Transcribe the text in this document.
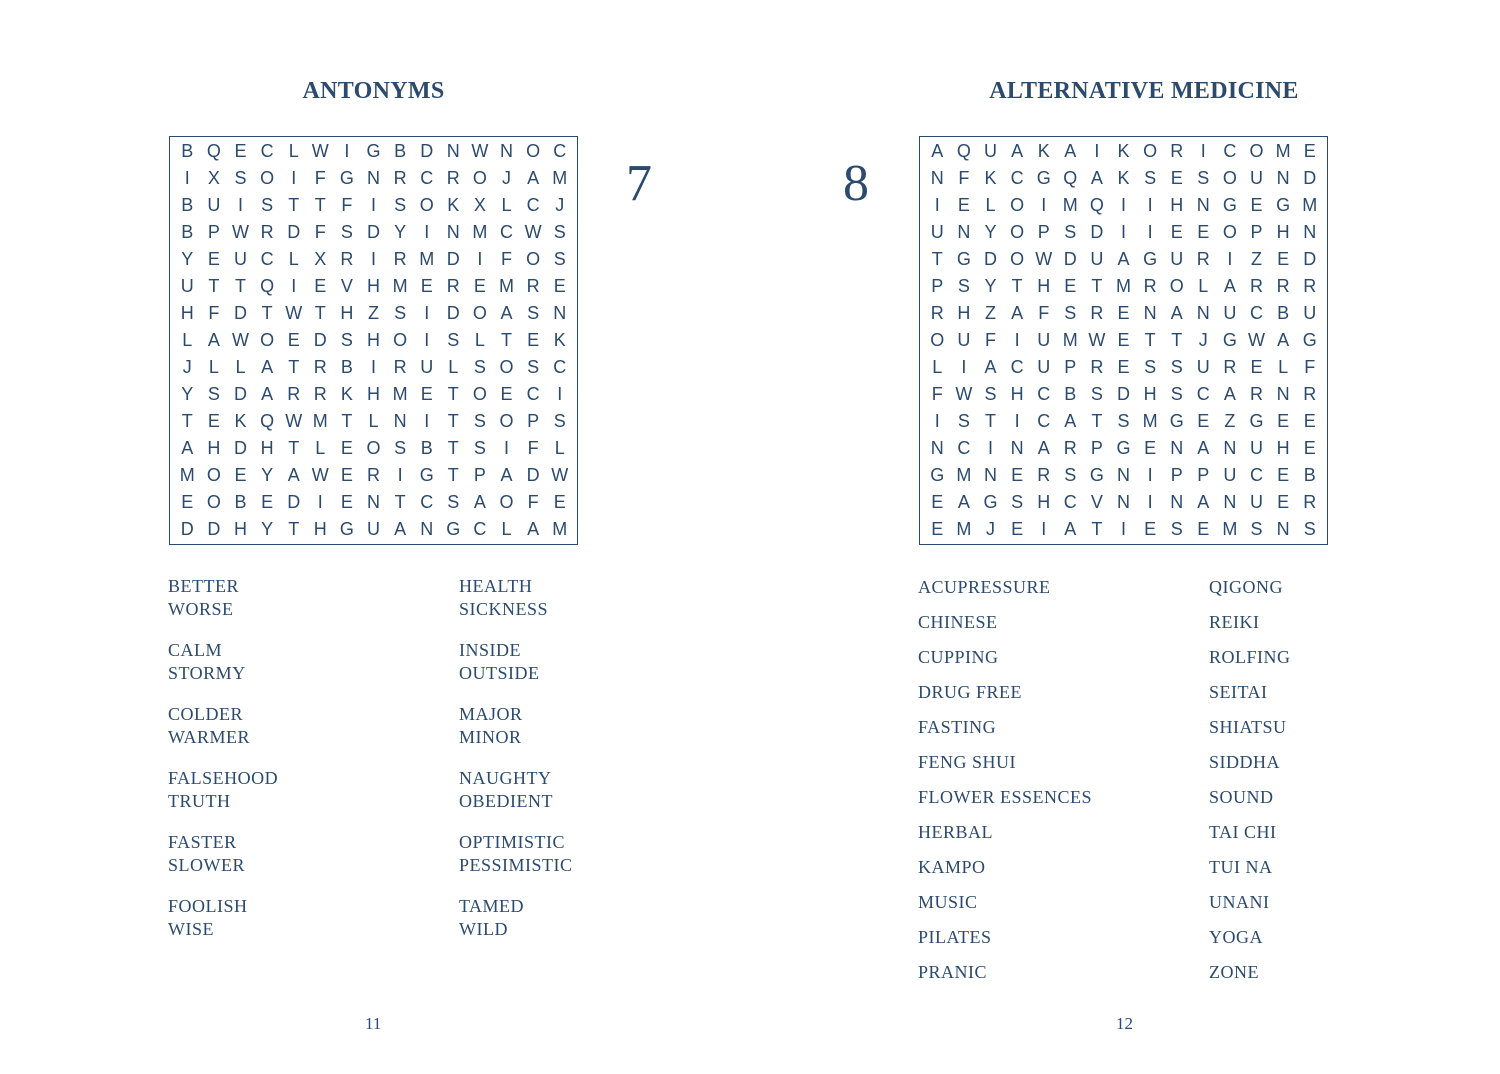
ANTONYMS
B Q E C L W I G B D N W N O C
I	X S O I	F G N R C R O J A M
B U I	S T T F	I	S O K X L C J
B P W R D F S D Y	I N M C W S
Y E U C L X R I R M D I	F O S
U T T Q I	E V H M E R E M R E
H F D T W T H Z S	I D O A S N
L A W O E D S H O I	S L T E K
J L L A T R B	I R U L S O S C
Y S D A R R K H M E T O E C I
T E K Q W M T L N I	T S O P S
A H D H T L E O S B T S	I	F L
M O E Y A W E R I G T P A D W
E O B E D I	E N T C S A O F E
D D H Y T H G U A N G C L A M
7
BETTER
WORSE
CALM
STORMY
COLDER
WARMER
FALSEHOOD
TRUTH
FASTER
SLOWER
FOOLISH
WISE
HEALTH
SICKNESS
INSIDE
OUTSIDE
MAJOR
MINOR
NAUGHTY
OBEDIENT
OPTIMISTIC
PESSIMISTIC
TAMED
WILD
11
ALTERNATIVE MEDICINE
8
A Q U A K A	I	K O R I C O M E
N F K C G Q A K S E S O U N D
I	E L O I M Q I	I H N G E G M
U N Y O P S D I	I	E E O P H N
T G D O W D U A G U R I	Z E D
P S Y T H E T M R O L A R R R
R H Z A F S R E N A N U C B U
O U F	I U M W E T T J G W A G
L	I	A C U P R E S S U R E L F
F W S H C B S D H S C A R N R
I	S T	I C A T S M G E Z G E E
N C I N A R P G E N A N U H E
G M N E R S G N I	P P U C E B
E A G S H C V N I N A N U E R
E M J E	I	A T	I	E S E M S N S
ACUPRESSURE
CHINESE
CUPPING
DRUG FREE
FASTING
FENG SHUI
FLOWER ESSENCES
HERBAL
KAMPO
MUSIC
PILATES
PRANIC
QIGONG
REIKI
ROLFING
SEITAI
SHIATSU
SIDDHA
SOUND
TAI CHI
TUI NA
UNANI
YOGA
ZONE
12
